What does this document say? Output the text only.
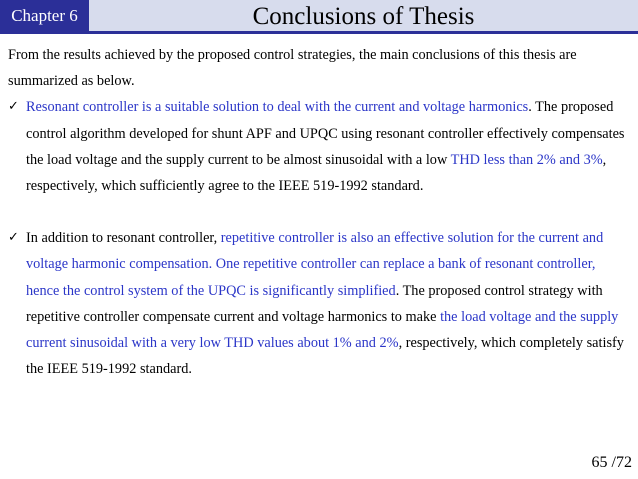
Chapter 6	Conclusions of Thesis

From the results achieved by the proposed control strategies, the main conclusions of this thesis are summarized as below.

✓ Resonant controller is a suitable solution to deal with the current and voltage harmonics. The proposed control algorithm developed for shunt APF and UPQC using resonant controller effectively compensates the load voltage and the supply current to be almost sinusoidal with a low THD less than 2% and 3%, respectively, which sufficiently agree to the IEEE 519-1992 standard.

✓ In addition to resonant controller, repetitive controller is also an effective solution for the current and voltage harmonic compensation. One repetitive controller can replace a bank of resonant controller, hence the control system of the UPQC is significantly simplified. The proposed control strategy with repetitive controller compensate current and voltage harmonics to make the load voltage and the supply current sinusoidal with a very low THD values about 1% and 2%, respectively, which completely satisfy the IEEE 519-1992 standard.

65 /72
